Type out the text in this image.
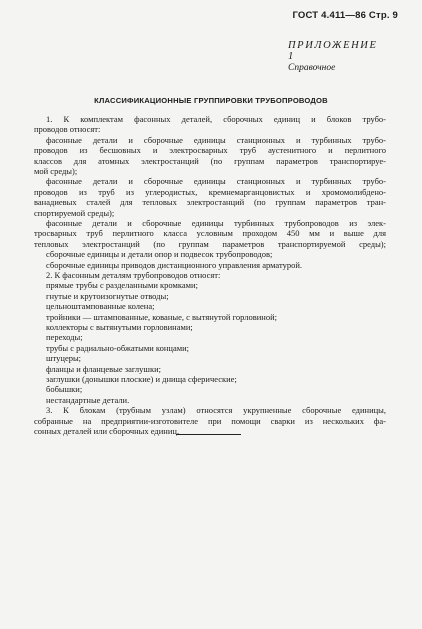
ГОСТ 4.411—86 Стр. 9
ПРИЛОЖЕНИЕ 1
Справочное
КЛАССИФИКАЦИОННЫЕ ГРУППИРОВКИ ТРУБОПРОВОДОВ
1. К комплектам фасонных деталей, сборочных единиц и блоков трубо-
проводов относят:
фасонные детали и сборочные единицы станционных и турбинных трубо-
проводов из бесшовных и электросварных труб аустенитного и перлитного
классов для атомных электростанций (по группам параметров транспортируе-
мой среды);
фасонные детали и сборочные единицы станционных и турбинных трубо-
проводов из труб из углеродистых, кремнемарганцовистых и хромомолибдено-
ванадиевых сталей для тепловых электростанций (по группам параметров тран-
спортируемой среды);
фасонные детали и сборочные единицы турбинных трубопроводов из элек-
тросварных труб перлитного класса условным проходом 450 мм и выше для
тепловых электростанций (по группам параметров транспортируемой среды);
сборочные единицы и детали опор и подвесок трубопроводов;
сборочные единицы приводов дистанционного управления арматурой.
2. К фасонным деталям трубопроводов относят:
прямые трубы с разделанными кромками;
гнутые и крутоизогнутые отводы;
цельноштампованные колена;
тройники — штампованные, кованые, с вытянутой горловиной;
коллекторы с вытянутыми горловинами;
переходы;
трубы с радиально-обжатыми концами;
штуцеры;
фланцы и фланцевые заглушки;
заглушки (донышки плоские) и днища сферические;
бобышки;
нестандартные детали.
3. К блокам (трубным узлам) относятся укрупненные сборочные единицы,
собранные на предприятии-изготовителе при помощи сварки из нескольких фа-
сонных деталей или сборочных единиц.
